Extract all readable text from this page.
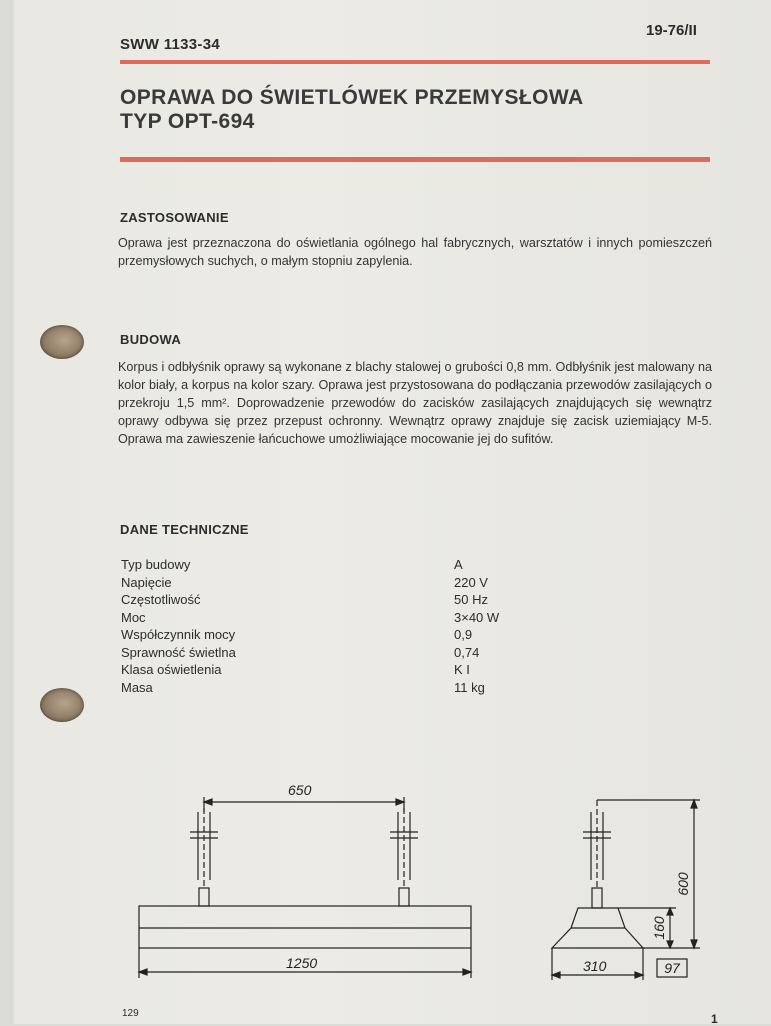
SWW 1133-34
19-76/II
OPRAWA DO ŚWIETLÓWEK PRZEMYSŁOWA
TYP OPT-694
ZASTOSOWANIE
Oprawa jest przeznaczona do oświetlania ogólnego hal fabrycznych, warsztatów i innych pomieszczeń przemysłowych suchych, o małym stopniu zapylenia.
BUDOWA
Korpus i odbłyśnik oprawy są wykonane z blachy stalowej o grubości 0,8 mm. Odbłyśnik jest malowany na kolor biały, a korpus na kolor szary. Oprawa jest przystosowana do podłączania przewodów zasilających o przekroju 1,5 mm². Doprowadzenie przewodów do zacisków zasilających znajdujących się wewnątrz oprawy odbywa się przez przepust ochronny. Wewnątrz oprawy znajduje się zacisk uziemiający M-5. Oprawa ma zawieszenie łańcuchowe umożliwiające mocowanie jej do sufitów.
DANE TECHNICZNE
Typ budowy	A
Napięcie	220 V
Częstotliwość	50 Hz
Moc	3×40 W
Współczynnik mocy	0,9
Sprawność świetlna	0,74
Klasa oświetlenia	K I
Masa	11 kg
650
1250	310
600
160
97
129	1
